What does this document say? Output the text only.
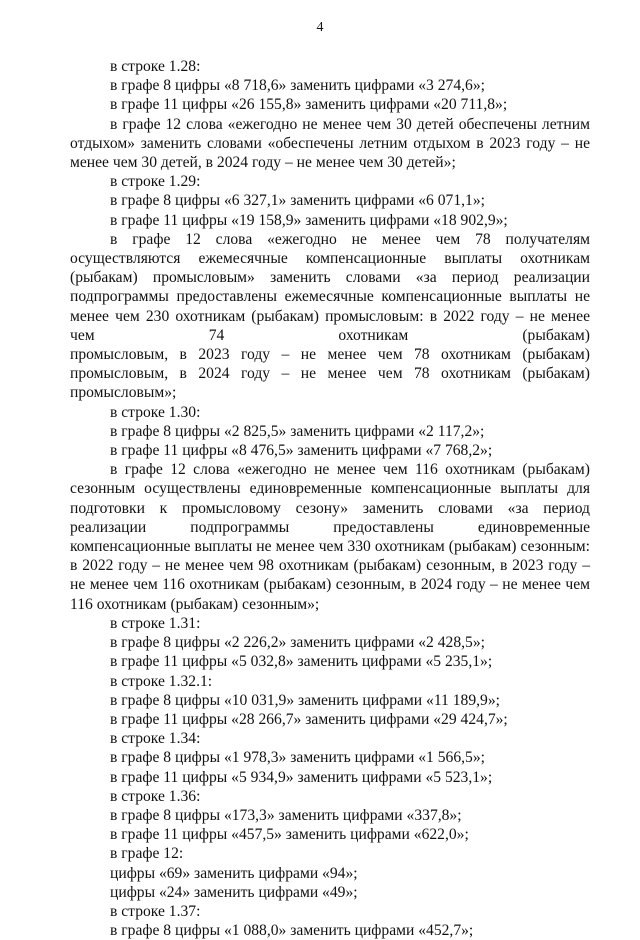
4

в строке 1.28:

в графе 8 цифры «8 718,6» заменить цифрами «3 274,6»;

в графе 11 цифры «26 155,8» заменить цифрами «20 711,8»;

в графе 12 слова «ежегодно не менее чем 30 детей обеспечены летним отдыхом» заменить словами «обеспечены летним отдыхом в 2023 году – не менее чем 30 детей, в 2024 году – не менее чем 30 детей»;

в строке 1.29:

в графе 8 цифры «6 327,1» заменить цифрами «6 071,1»;

в графе 11 цифры «19 158,9» заменить цифрами «18 902,9»;

в графе 12 слова «ежегодно не менее чем 78 получателям осуществляются ежемесячные компенсационные выплаты охотникам (рыбакам) промысловым» заменить словами «за период реализации подпрограммы предоставлены ежемесячные компенсационные выплаты не менее чем 230 охотникам (рыбакам) промысловым: в 2022 году – не менее чем 74 охотникам (рыбакам)

промысловым, в 2023 году – не менее чем 78 охотникам (рыбакам)

промысловым, в 2024 году – не менее чем 78 охотникам (рыбакам)

промысловым»;

в строке 1.30:

в графе 8 цифры «2 825,5» заменить цифрами «2 117,2»;

в графе 11 цифры «8 476,5» заменить цифрами «7 768,2»;

в графе 12 слова «ежегодно не менее чем 116 охотникам (рыбакам) сезонным осуществлены единовременные компенсационные выплаты для подготовки к промысловому сезону» заменить словами «за период реализации подпрограммы предоставлены единовременные компенсационные выплаты не менее чем 330 охотникам (рыбакам) сезонным: в 2022 году – не менее чем 98 охотникам (рыбакам) сезонным, в 2023 году – не менее чем 116 охотникам (рыбакам) сезонным, в 2024 году – не менее чем 116 охотникам (рыбакам) сезонным»;

в строке 1.31:

в графе 8 цифры «2 226,2» заменить цифрами «2 428,5»;

в графе 11 цифры «5 032,8» заменить цифрами «5 235,1»;

в строке 1.32.1:

в графе 8 цифры «10 031,9» заменить цифрами «11 189,9»;

в графе 11 цифры «28 266,7» заменить цифрами «29 424,7»;

в строке 1.34:

в графе 8 цифры «1 978,3» заменить цифрами «1 566,5»;

в графе 11 цифры «5 934,9» заменить цифрами «5 523,1»;

в строке 1.36:

в графе 8 цифры «173,3» заменить цифрами «337,8»;

в графе 11 цифры «457,5» заменить цифрами «622,0»;

в графе 12:

цифры «69» заменить цифрами «94»;

цифры «24» заменить цифрами «49»;

в строке 1.37:

в графе 8 цифры «1 088,0» заменить цифрами «452,7»;
